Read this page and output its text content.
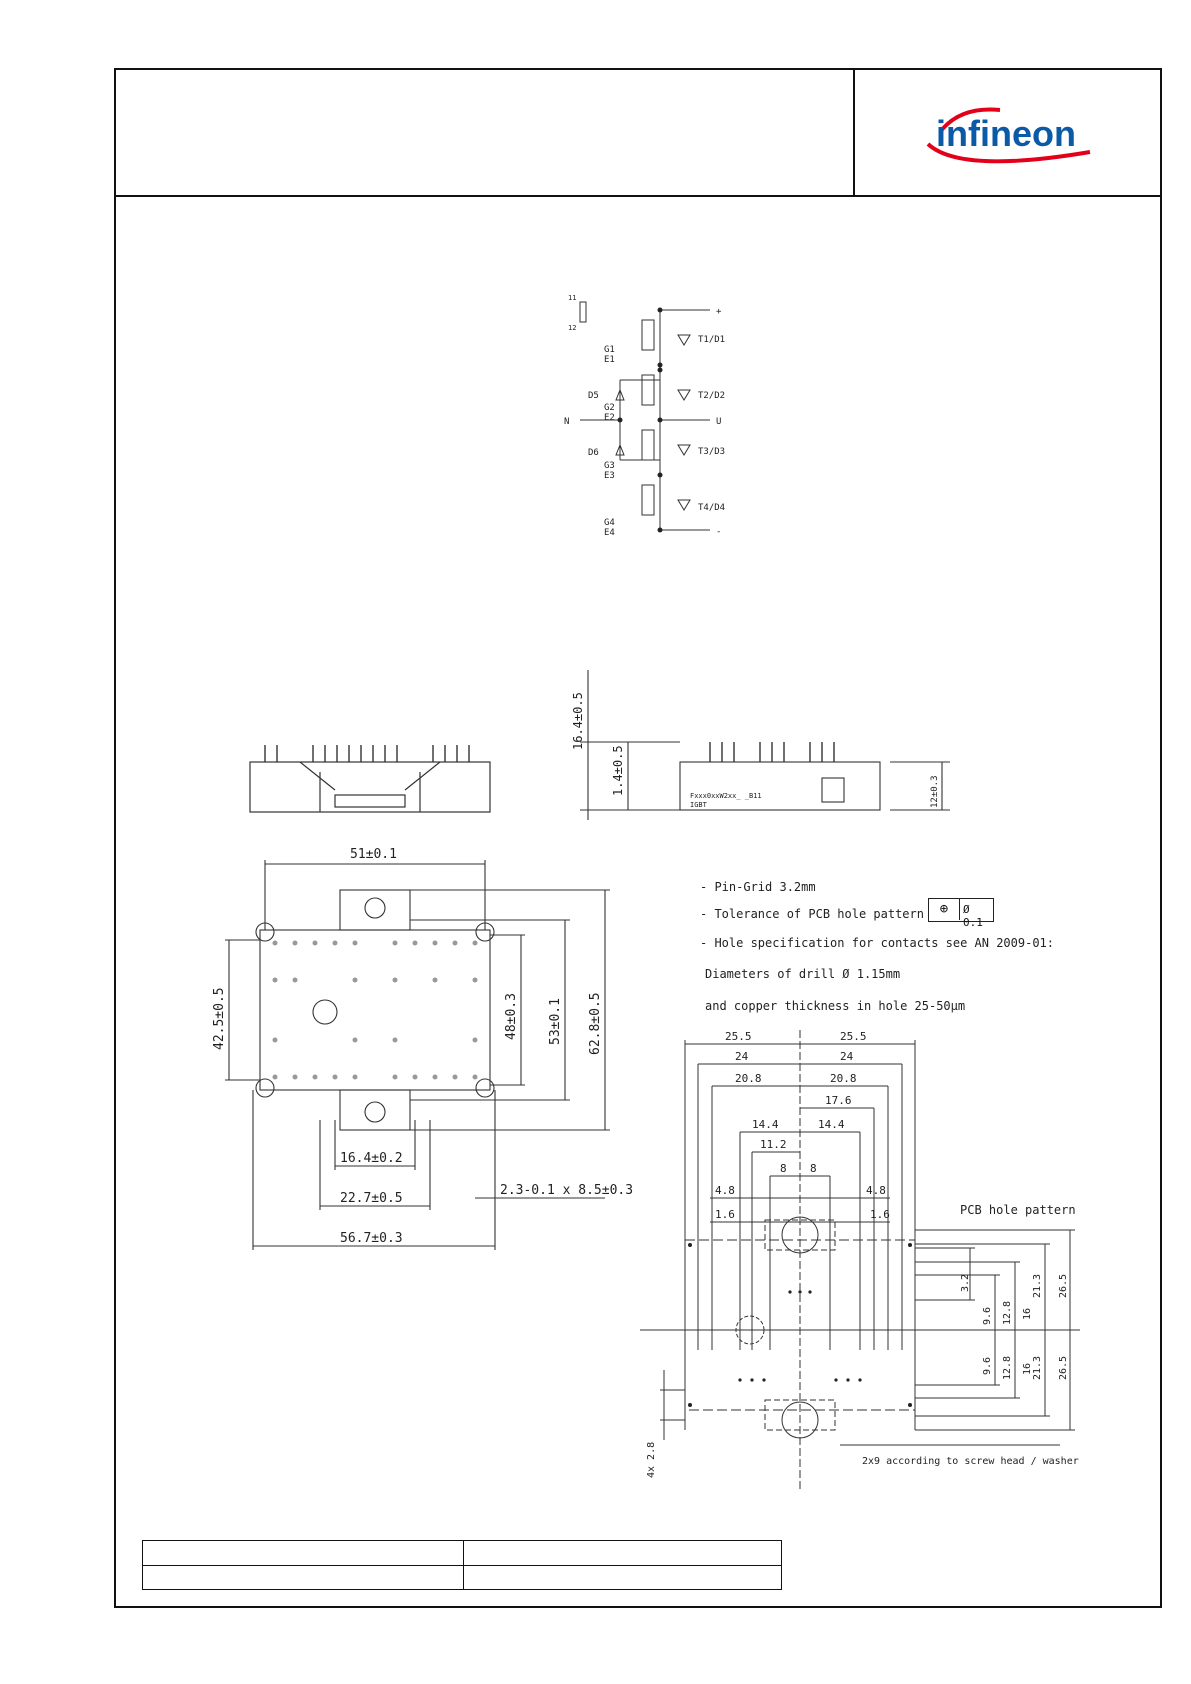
infineon
11
12
G1
E1
G2
E2
G3
E3
G4
E4
T1/D1
T2/D2
T3/D3
T4/D4
D5
D6
+
N	U
-
16.4±0.5
1.4±0.5	12±0.3
Fxxx0xxW2xx_ _B11
IGBT
51±0.1
42.5±0.5	48±0.3 53±0.1 62.8±0.5
16.4±0.2
22.7±0.5
56.7±0.3
2.3-0.1 x 8.5±0.3
- Pin-Grid 3.2mm
- Tolerance of PCB hole pattern	⊕	Ø 0.1
- Hole specification for contacts see AN 2009-01:
Diameters of drill Ø 1.15mm
and copper thickness in hole 25-50µm
25.5	25.5
24	24
20.8	20.8
17.6
14.4	14.4
11.2
8 8
4.8	4.8
1.6	1.6	PCB hole pattern
3.2
9.6 12.8 16
21.3 26.5
9.6 12.8 16 21.3 26.5
4x 2.8	2x9 according to screw head / washer
